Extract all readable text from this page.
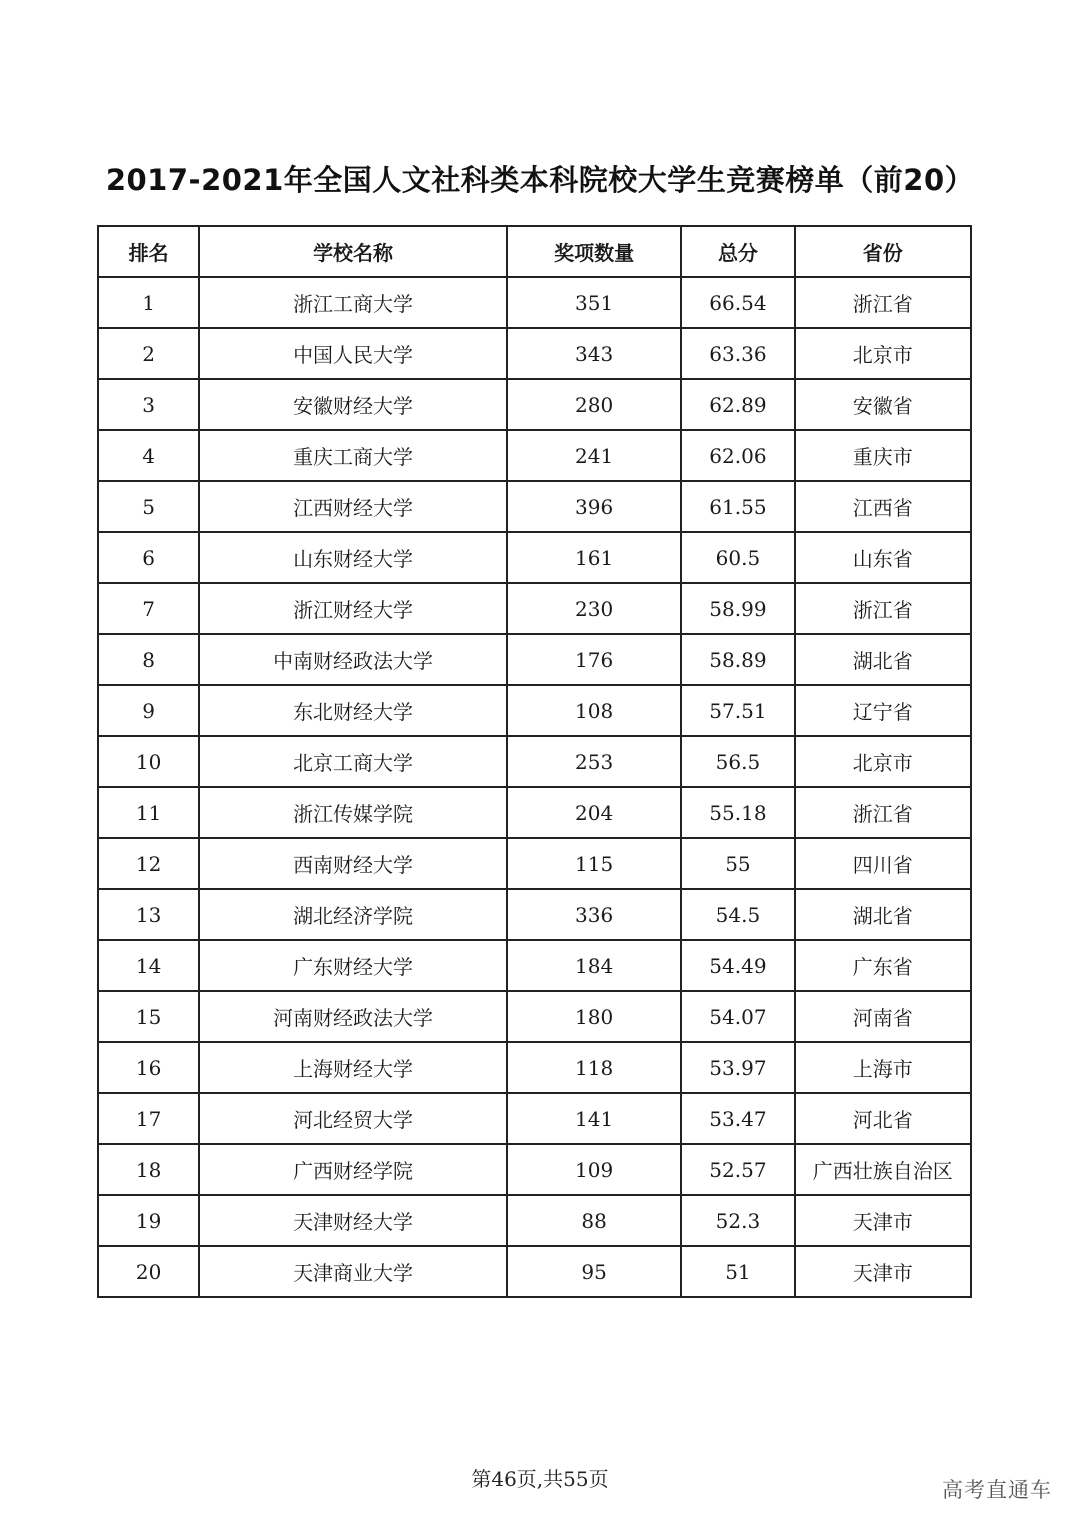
2017-2021年全国人文社科类本科院校大学生竞赛榜单（前20）
排名	学校名称	奖项数量	总分	省份
1	浙江工商大学	351	66.54	浙江省
2	中国人民大学	343	63.36	北京市
3	安徽财经大学	280	62.89	安徽省
4	重庆工商大学	241	62.06	重庆市
5	江西财经大学	396	61.55	江西省
6	山东财经大学	161	60.5	山东省
7	浙江财经大学	230	58.99	浙江省
8	中南财经政法大学	176	58.89	湖北省
9	东北财经大学	108	57.51	辽宁省
10	北京工商大学	253	56.5	北京市
11	浙江传媒学院	204	55.18	浙江省
12	西南财经大学	115	55	四川省
13	湖北经济学院	336	54.5	湖北省
14	广东财经大学	184	54.49	广东省
15	河南财经政法大学	180	54.07	河南省
16	上海财经大学	118	53.97	上海市
17	河北经贸大学	141	53.47	河北省
18	广西财经学院	109	52.57	广西壮族自治区
19	天津财经大学	88	52.3	天津市
20	天津商业大学	95	51	天津市
第46页,共55页	高考直通车
